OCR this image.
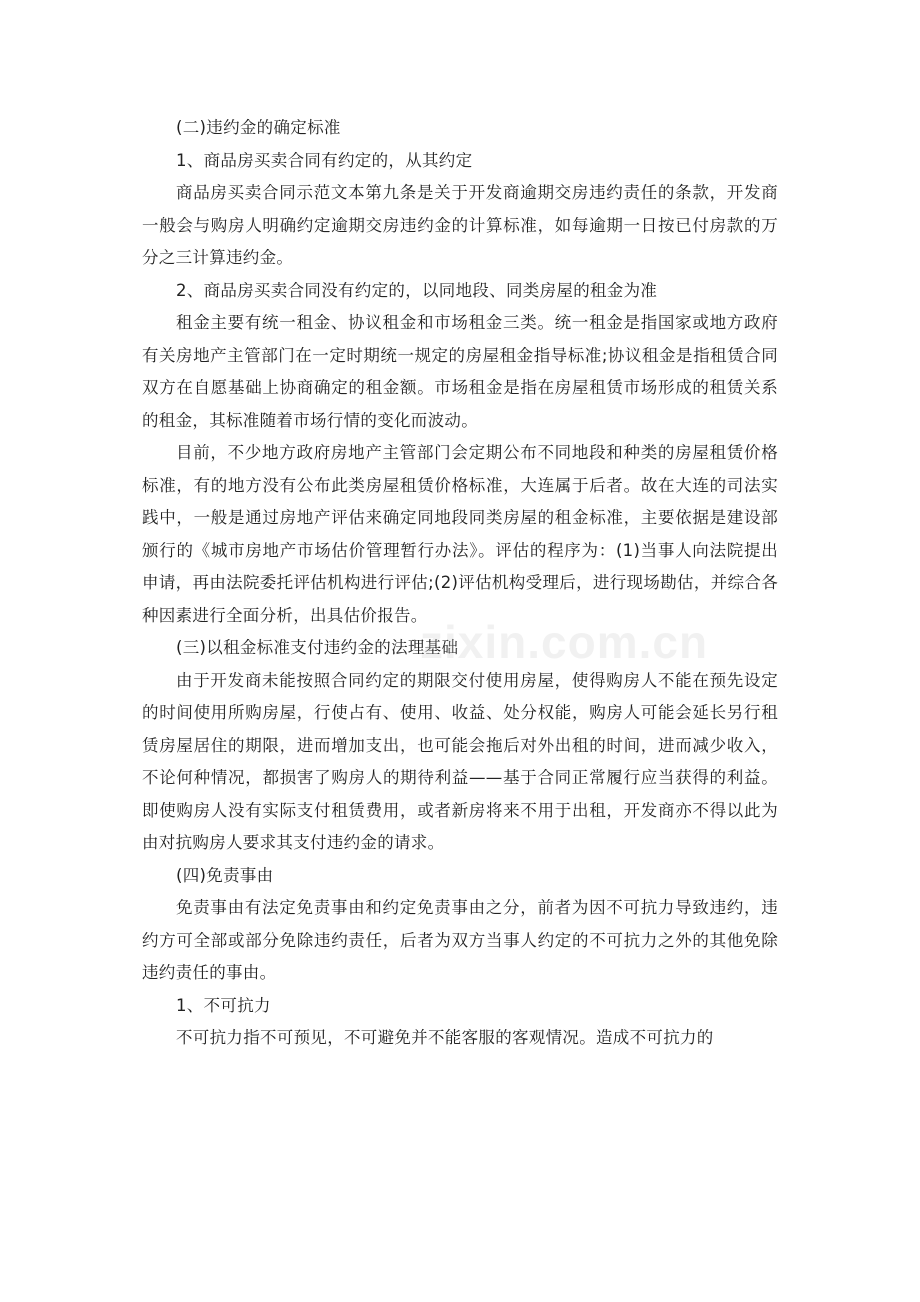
(二)违约金的确定标准

1、商品房买卖合同有约定的，从其约定

商品房买卖合同示范文本第九条是关于开发商逾期交房违约责任的条款，开发商一般会与购房人明确约定逾期交房违约金的计算标准，如每逾期一日按已付房款的万分之三计算违约金。

2、商品房买卖合同没有约定的，以同地段、同类房屋的租金为准

租金主要有统一租金、协议租金和市场租金三类。统一租金是指国家或地方政府有关房地产主管部门在一定时期统一规定的房屋租金指导标准;协议租金是指租赁合同双方在自愿基础上协商确定的租金额。市场租金是指在房屋租赁市场形成的租赁关系的租金，其标准随着市场行情的变化而波动。

目前，不少地方政府房地产主管部门会定期公布不同地段和种类的房屋租赁价格标准，有的地方没有公布此类房屋租赁价格标准，大连属于后者。故在大连的司法实践中，一般是通过房地产评估来确定同地段同类房屋的租金标准，主要依据是建设部颁行的《城市房地产市场估价管理暂行办法》。评估的程序为：(1)当事人向法院提出申请，再由法院委托评估机构进行评估;(2)评估机构受理后，进行现场勘估，并综合各种因素进行全面分析，出具估价报告。

(三)以租金标准支付违约金的法理基础

由于开发商未能按照合同约定的期限交付使用房屋，使得购房人不能在预先设定的时间使用所购房屋，行使占有、使用、收益、处分权能，购房人可能会延长另行租赁房屋居住的期限，进而增加支出，也可能会拖后对外出租的时间，进而减少收入，不论何种情况，都损害了购房人的期待利益——基于合同正常履行应当获得的利益。即使购房人没有实际支付租赁费用，或者新房将来不用于出租，开发商亦不得以此为由对抗购房人要求其支付违约金的请求。

(四)免责事由

免责事由有法定免责事由和约定免责事由之分，前者为因不可抗力导致违约，违约方可全部或部分免除违约责任，后者为双方当事人约定的不可抗力之外的其他免除违约责任的事由。

1、不可抗力

不可抗力指不可预见，不可避免并不能客服的客观情况。造成不可抗力的

zixin.com.cn
